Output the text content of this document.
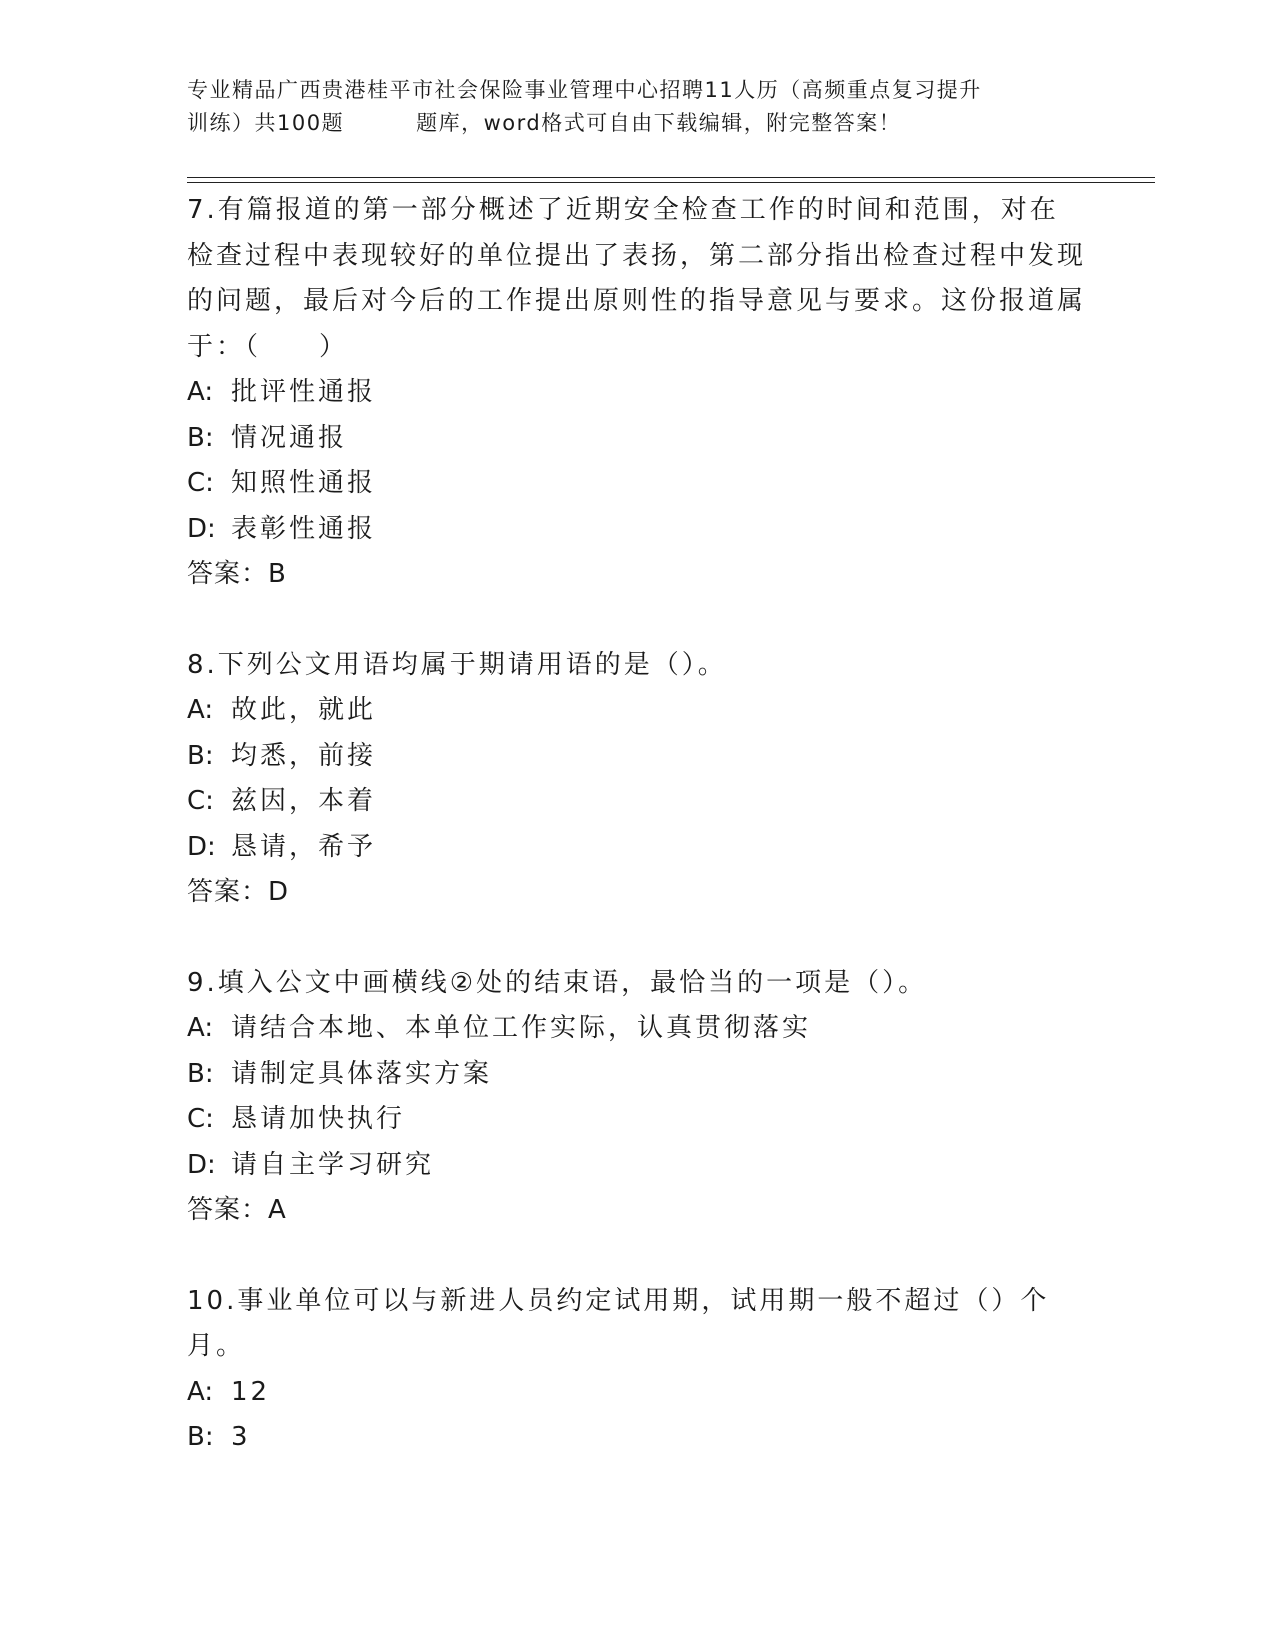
专业精品广西贵港桂平市社会保险事业管理中心招聘11人历（高频重点复习提升
训练）共100题	题库，word格式可自由下载编辑，附完整答案！
7.有篇报道的第一部分概述了近期安全检查工作的时间和范围，对在检查过程中表现较好的单位提出了表扬，第二部分指出检查过程中发现的问题，最后对今后的工作提出原则性的指导意见与要求。这份报道属于：（　　）
A: 批评性通报
B: 情况通报
C: 知照性通报
D: 表彰性通报
答案：B
8.下列公文用语均属于期请用语的是（）。
A: 故此，就此
B: 均悉，前接
C: 兹因，本着
D: 恳请，希予
答案：D
9.填入公文中画横线②处的结束语，最恰当的一项是（）。
A: 请结合本地、本单位工作实际，认真贯彻落实
B: 请制定具体落实方案
C: 恳请加快执行
D: 请自主学习研究
答案：A
10.事业单位可以与新进人员约定试用期，试用期一般不超过（）个月。
A: 12
B: 3
